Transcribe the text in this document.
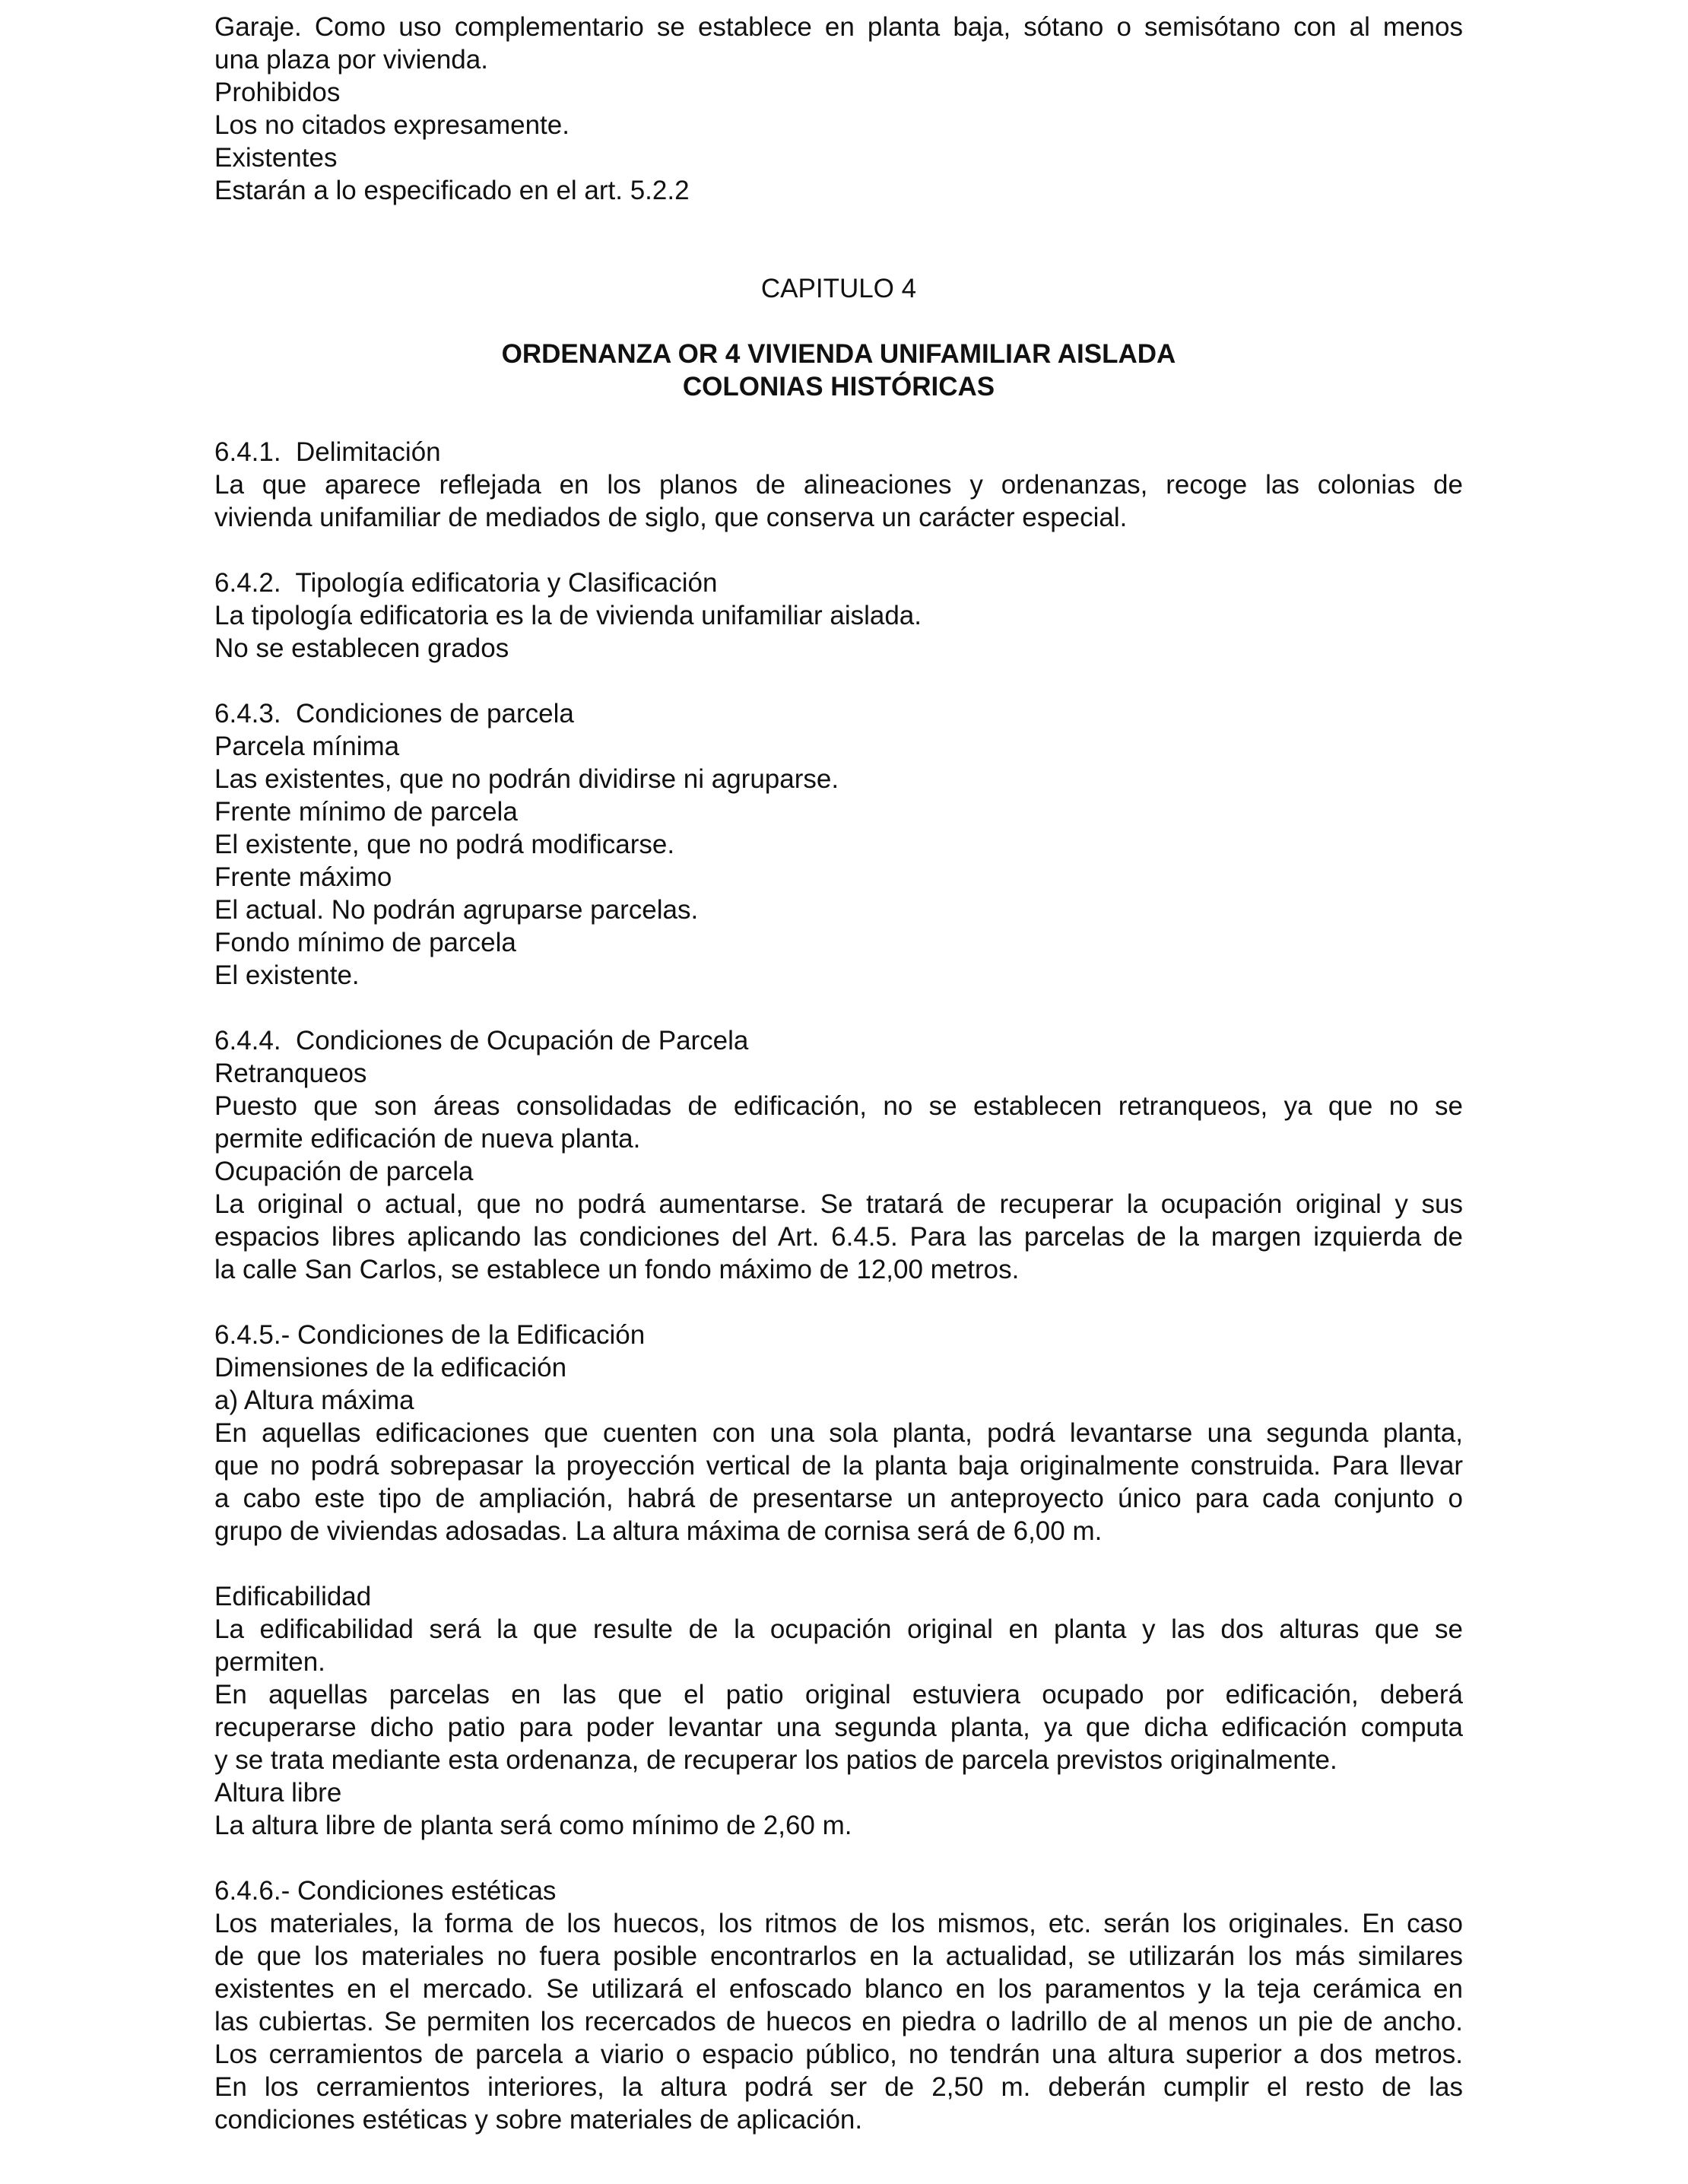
Garaje. Como uso complementario se establece en planta baja, sótano o semisótano con al menos
una plaza por vivienda.
Prohibidos
Los no citados expresamente.
Existentes
Estarán a lo especificado en el art. 5.2.2
CAPITULO 4
ORDENANZA OR 4 VIVIENDA UNIFAMILIAR AISLADA
COLONIAS HISTÓRICAS
6.4.1.  Delimitación
La que aparece reflejada en los planos de alineaciones y ordenanzas, recoge las colonias de
vivienda unifamiliar de mediados de siglo, que conserva un carácter especial.
6.4.2.  Tipología edificatoria y Clasificación
La tipología edificatoria es la de vivienda unifamiliar aislada.
No se establecen grados
6.4.3.  Condiciones de parcela
Parcela mínima
Las existentes, que no podrán dividirse ni agruparse.
Frente mínimo de parcela
El existente, que no podrá modificarse.
Frente máximo
El actual. No podrán agruparse parcelas.
Fondo mínimo de parcela
El existente.
6.4.4.  Condiciones de Ocupación de Parcela
Retranqueos
Puesto que son áreas consolidadas de edificación, no se establecen retranqueos, ya que no se
permite edificación de nueva planta.
Ocupación de parcela
La original o actual, que no podrá aumentarse. Se tratará de recuperar la ocupación original y sus
espacios libres aplicando las condiciones del Art. 6.4.5. Para las parcelas de la margen izquierda de
la calle San Carlos, se establece un fondo máximo de 12,00 metros.
6.4.5.- Condiciones de la Edificación
Dimensiones de la edificación
a) Altura máxima
En aquellas edificaciones que cuenten con una sola planta, podrá levantarse una segunda planta,
que no podrá sobrepasar la proyección vertical de la planta baja originalmente construida. Para llevar
a cabo este tipo de ampliación, habrá de presentarse un anteproyecto único para cada conjunto o
grupo de viviendas adosadas. La altura máxima de cornisa será de 6,00 m.
Edificabilidad
La edificabilidad será la que resulte de la ocupación original en planta y las dos alturas que se
permiten.
En aquellas parcelas en las que el patio original estuviera ocupado por edificación, deberá
recuperarse dicho patio para poder levantar una segunda planta, ya que dicha edificación computa
y se trata mediante esta ordenanza, de recuperar los patios de parcela previstos originalmente.
Altura libre
La altura libre de planta será como mínimo de 2,60 m.
6.4.6.- Condiciones estéticas
Los materiales, la forma de los huecos, los ritmos de los mismos, etc. serán los originales. En caso
de que los materiales no fuera posible encontrarlos en la actualidad, se utilizarán los más similares
existentes en el mercado. Se utilizará el enfoscado blanco en los paramentos y la teja cerámica en
las cubiertas. Se permiten los recercados de huecos en piedra o ladrillo de al menos un pie de ancho.
Los cerramientos de parcela a viario o espacio público, no tendrán una altura superior a dos metros.
En los cerramientos interiores, la altura podrá ser de 2,50 m. deberán cumplir el resto de las
condiciones estéticas y sobre materiales de aplicación.
